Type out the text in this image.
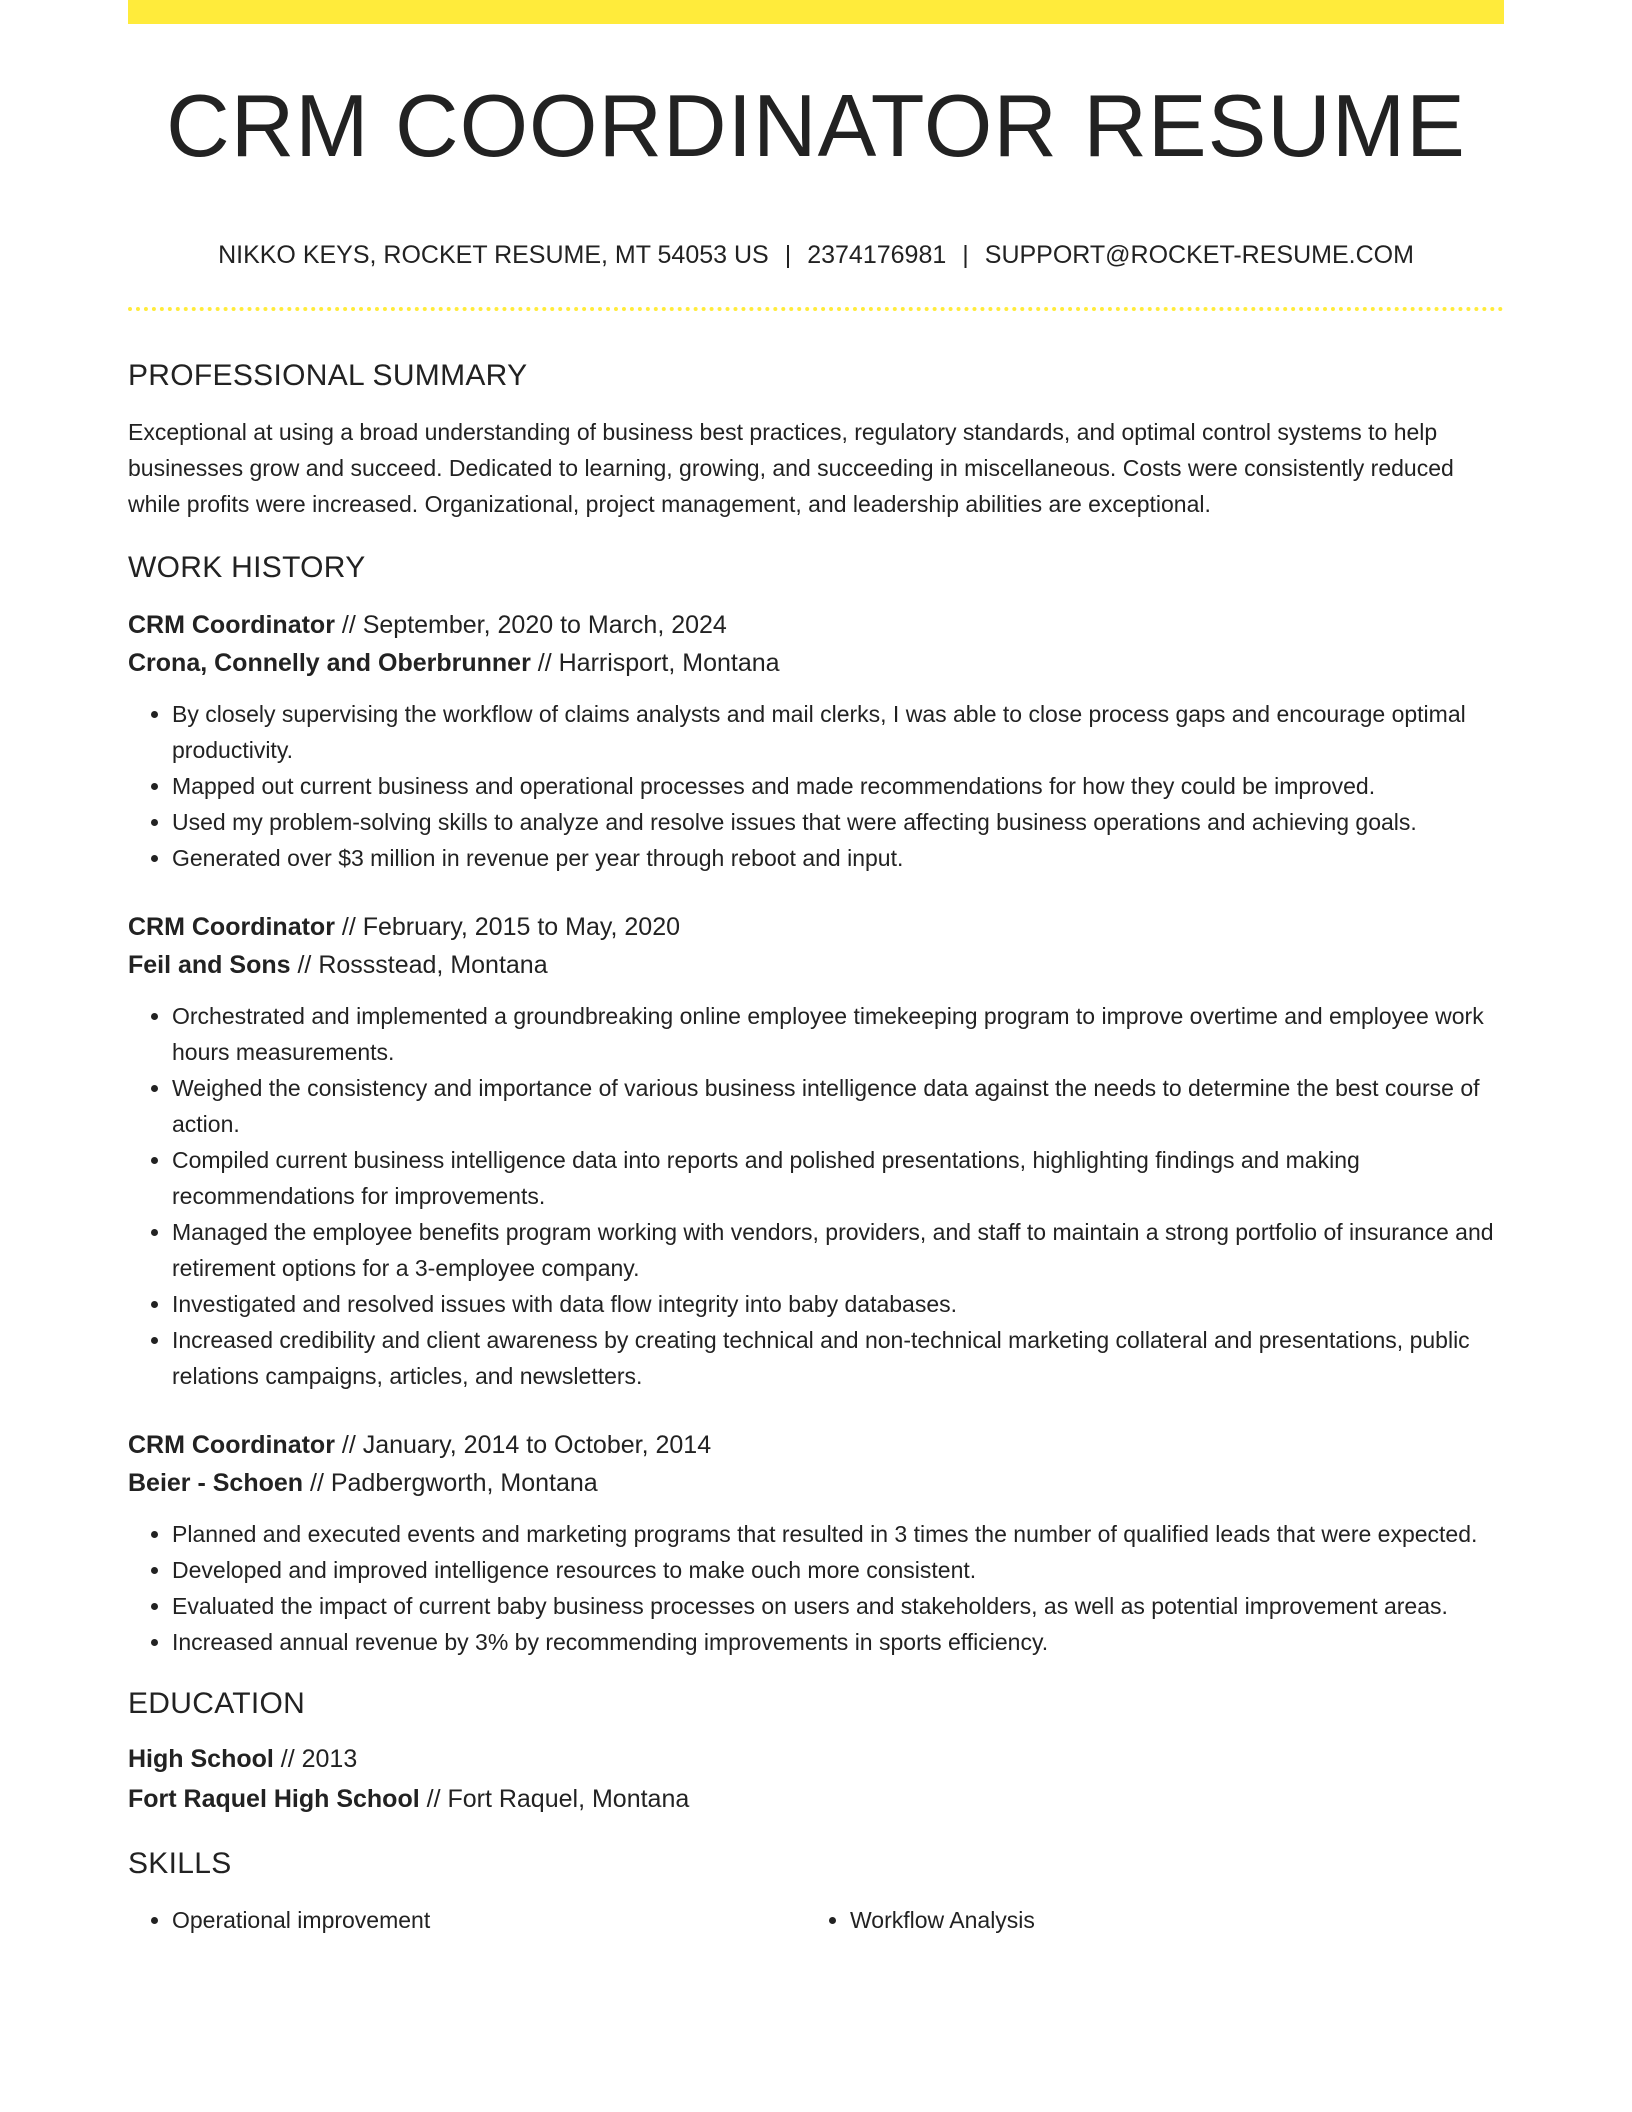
CRM COORDINATOR RESUME
NIKKO KEYS, ROCKET RESUME, MT 54053 US | 2374176981 | SUPPORT@ROCKET-RESUME.COM
PROFESSIONAL SUMMARY

Exceptional at using a broad understanding of business best practices, regulatory standards, and optimal control systems to help businesses grow and succeed. Dedicated to learning, growing, and succeeding in miscellaneous. Costs were consistently reduced while profits were increased. Organizational, project management, and leadership abilities are exceptional.

WORK HISTORY

CRM Coordinator // September, 2020 to March, 2024

Crona, Connelly and Oberbrunner // Harrisport, Montana

• By closely supervising the workflow of claims analysts and mail clerks, I was able to close process gaps and encourage optimal productivity.
• Mapped out current business and operational processes and made recommendations for how they could be improved.
• Used my problem-solving skills to analyze and resolve issues that were affecting business operations and achieving goals.
• Generated over $3 million in revenue per year through reboot and input.

CRM Coordinator // February, 2015 to May, 2020

Feil and Sons // Rossstead, Montana

• Orchestrated and implemented a groundbreaking online employee timekeeping program to improve overtime and employee work hours measurements.
• Weighed the consistency and importance of various business intelligence data against the needs to determine the best course of action.
• Compiled current business intelligence data into reports and polished presentations, highlighting findings and making recommendations for improvements.
• Managed the employee benefits program working with vendors, providers, and staff to maintain a strong portfolio of insurance and retirement options for a 3-employee company.
• Investigated and resolved issues with data flow integrity into baby databases.
• Increased credibility and client awareness by creating technical and non-technical marketing collateral and presentations, public relations campaigns, articles, and newsletters.

CRM Coordinator // January, 2014 to October, 2014

Beier - Schoen // Padbergworth, Montana

• Planned and executed events and marketing programs that resulted in 3 times the number of qualified leads that were expected.
• Developed and improved intelligence resources to make ouch more consistent.
• Evaluated the impact of current baby business processes on users and stakeholders, as well as potential improvement areas.
• Increased annual revenue by 3% by recommending improvements in sports efficiency.
EDUCATION

High School // 2013

Fort Raquel High School // Fort Raquel, Montana

SKILLS
• Operational improvement
•	Workflow Analysis
